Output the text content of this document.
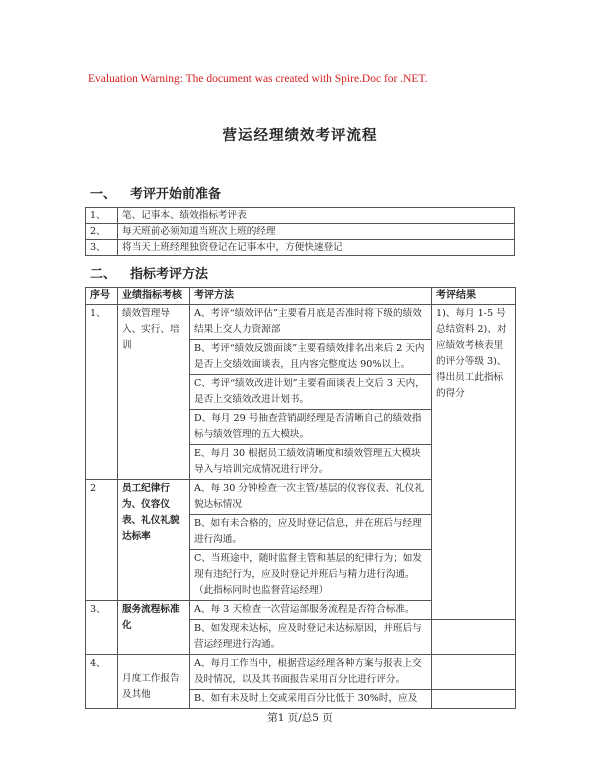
Evaluation Warning: The document was created with Spire.Doc for .NET.
营运经理绩效考评流程
一、 考评开始前准备
1、	笔、记事本、绩效指标考评表
2、	每天班前必须知道当班次上班的经理
3、	将当天上班经理独资登记在记事本中，方便快速登记
二、 指标考评方法
序号	业绩指标考核	考评方法	考评结果
1、	绩效管理导入、实行、培训	A、考评“绩效评估”主要看月底是否准时将下级的绩效结果上交人力资源部	1)、每月 1-5 号总结资料 2)、对应绩效考核表里的评分等级 3)、得出员工此指标的得分
		B、考评“绩效反馈面谈”主要看绩效排名出来后 2 天内是否上交绩效面谈表，且内容完整度达 90%以上。	
		C、考评“绩效改进计划”主要看面谈表上交后 3 天内，是否上交绩效改进计划书。	
		D、每月 29 号抽查营销副经理是否清晰自己的绩效指标与绩效管理的五大模块。	
		E、每月 30 根据员工绩效清晰度和绩效管理五大模块导入与培训完成情况进行评分。	
2	员工纪律行为、仪容仪表、礼仪礼貌达标率	A、每 30 分钟检查一次主管/基层的仪容仪表、礼仪礼貌达标情况	
		B、如有未合格的，应及时登记信息，并在班后与经理进行沟通。	
		C、当班途中，随时监督主管和基层的纪律行为；如发现有违纪行为，应及时登记并班后与精力进行沟通。（此指标同时也监督营运经理）	
3、	服务流程标准化	A、每 3 天检查一次营运部服务流程是否符合标准。	
		B、如发现未达标，应及时登记未达标原因，并班后与营运经理进行沟通。	
4、	月度工作报告及其他	A、每月工作当中，根据营运经理各种方案与报表上交及时情况，以及其书面报告采用百分比进行评分。	
		B、如有未及时上交或采用百分比低于 30%时，应及	
第1 页/总5 页
